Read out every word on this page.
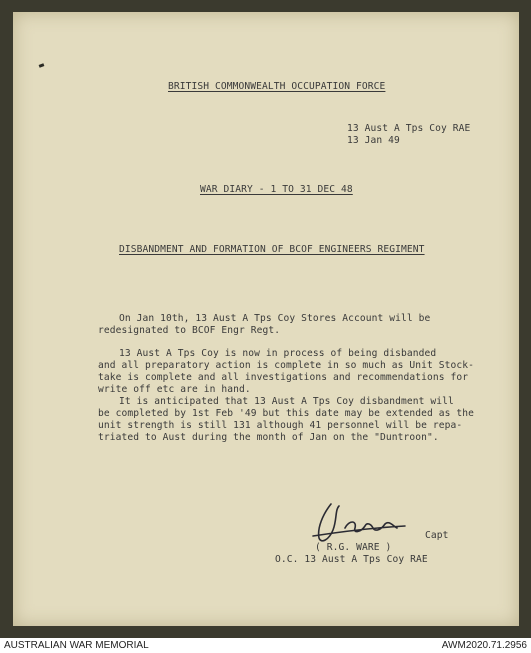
BRITISH COMMONWEALTH OCCUPATION FORCE
13 Aust A Tps Coy RAE
13 Jan 49
WAR DIARY - 1 TO 31 DEC 48
DISBANDMENT AND FORMATION OF BCOF ENGINEERS REGIMENT
On Jan 10th, 13 Aust A Tps Coy Stores Account will be
redesignated to BCOF Engr Regt.
13 Aust A Tps Coy is now in process of being disbanded
and all preparatory action is complete in so much as Unit Stock-
take is complete and all investigations and recommendations for
write off etc are in hand.
It is anticipated that 13 Aust A Tps Coy disbandment will
be completed by 1st Feb '49 but this date may be extended as the
unit strength is still 131 although 41 personnel will be repa-
triated to Aust during the month of Jan on the "Duntroon".
Capt
( R.G. WARE )
O.C. 13 Aust A Tps Coy RAE
AUSTRALIAN WAR MEMORIAL	AWM2020.71.2956
